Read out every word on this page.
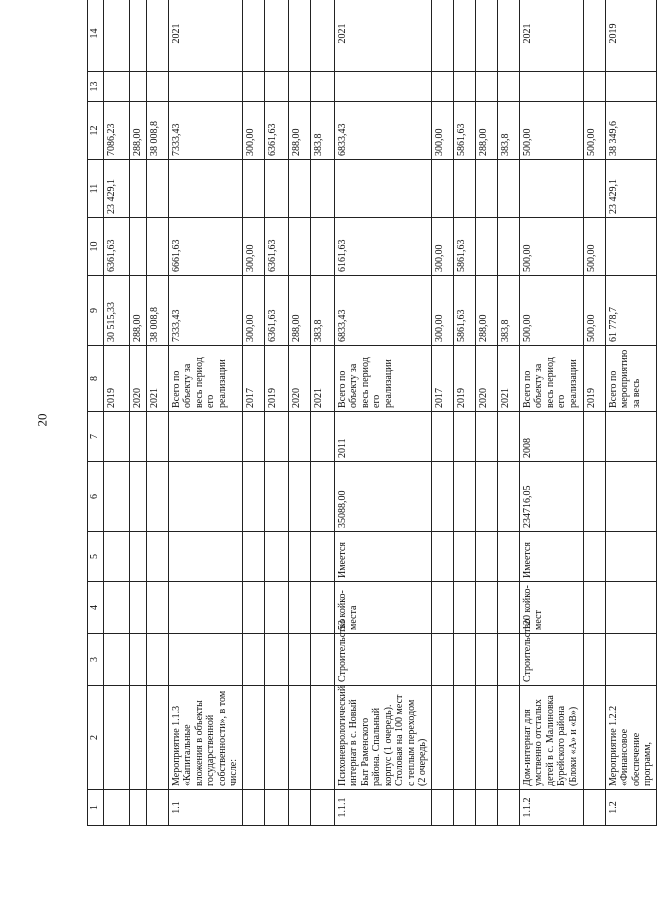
20
1	2	3	4	5	6	7	8	9	10	11	12	13	14
							2019	30 515,33	6361,63	23 429,1	7086,23		
							2020	288,00			288,00		
							2021	38 008,8			38 008,8		
1.1	Мероприятие 1.1.3 «Капитальные вложения в объекты государственной собственности», в том числе:						Всего по объекту за весь период его реализации	7333,43	6661,63		7333,43		2021
							2017	300,00	300,00		300,00		
							2019	6361,63	6361,63		6361,63		
							2020	288,00			288,00		
							2021	383,8			383,8		
1.1.1	Психоневрологический интернат в с. Новый Быт Раменского района. Спальный корпус (1 очередь). Столовая на 100 мест с теплым переходом (2 очередь)	Строительство	53 койко-места	Имеется	35088,00	2011	Всего по объекту за весь период его реализации	6833,43	6161,63		6833,43		2021
							2017	300,00	300,00		300,00		
							2019	5861,63	5861,63		5861,63		
							2020	288,00			288,00		
							2021	383,8			383,8		
1.1.2	Дом-интернат для умственно отсталых детей в с. Малиновка Бурейского района (Блоки «А» и «В»)	Строительство	120 койко-мест	Имеется	234716,05	2008	Всего по объекту за весь период его реализации	500,00	500,00		500,00		2021
							2019	500,00	500,00		500,00		
1.2	Мероприятие 1.2.2 «Финансовое обеспечение программ,						Всего по мероприятию за весь	61 778,7		23 429,1	38 349,6		2019
